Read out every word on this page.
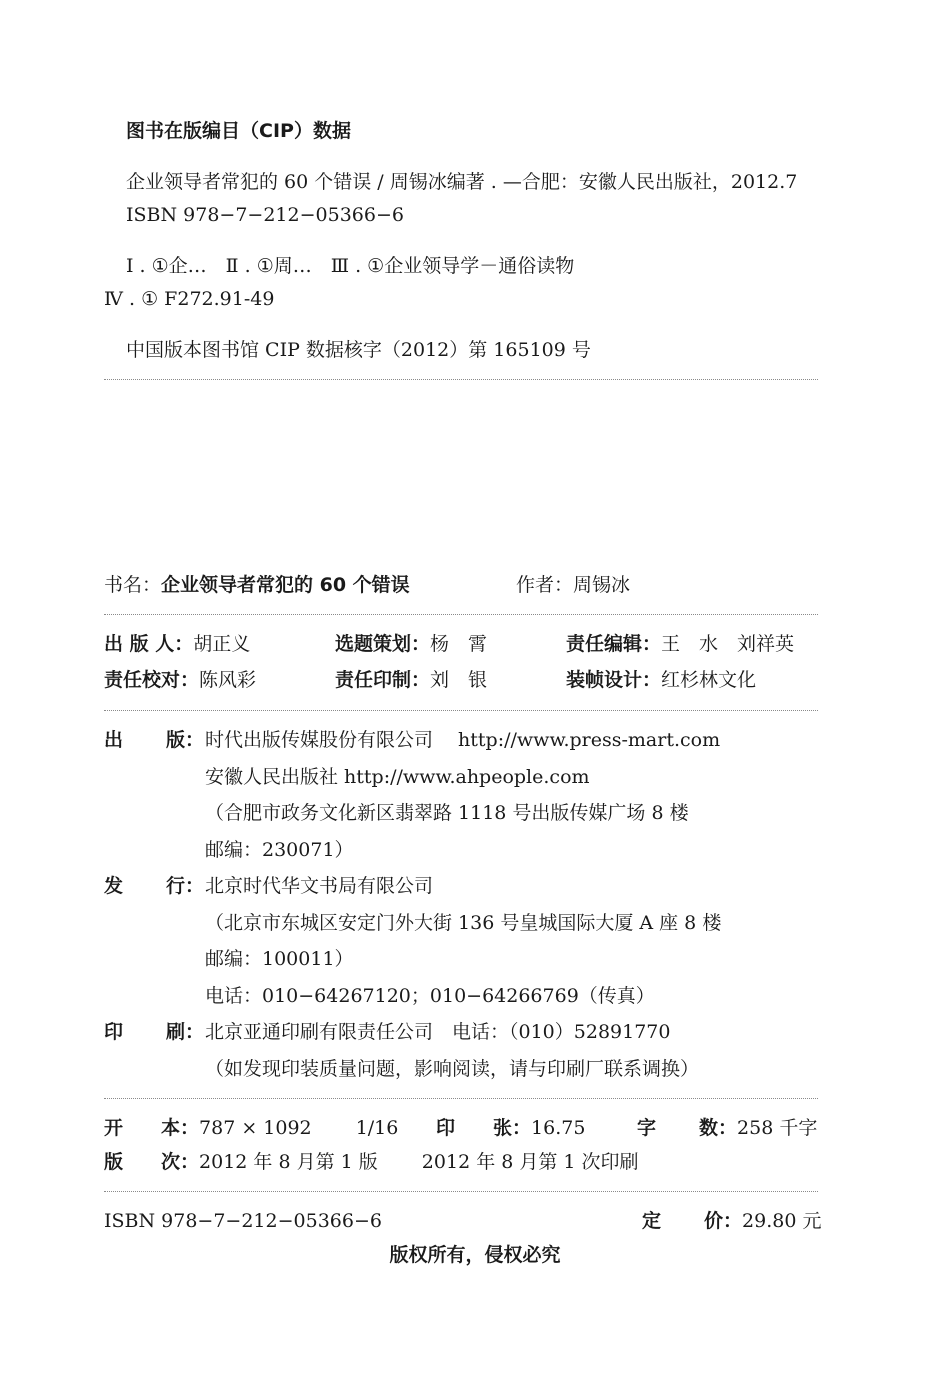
图书在版编目（CIP）数据
企业领导者常犯的 60 个错误 / 周锡冰编著 . —合肥：安徽人民出版社，2012.7
ISBN 978−7−212−05366−6
Ⅰ . ①企…　Ⅱ . ①周…　Ⅲ . ①企业领导学－通俗读物
Ⅳ . ① F272.91-49
中国版本图书馆 CIP 数据核字（2012）第 165109 号
书名：企业领导者常犯的 60 个错误	作者：周锡冰
出 版 人：胡正义	选题策划：杨　霄	责任编辑：王　水　刘祥英
责任校对：陈风彩	责任印制：刘　银	装帧设计：红杉林文化
出 版： 时代出版传媒股份有限公司　 http://www.press-mart.com
安徽人民出版社 http://www.ahpeople.com
（合肥市政务文化新区翡翠路 1118 号出版传媒广场 8 楼
邮编：230071）
发 行： 北京时代华文书局有限公司
（北京市东城区安定门外大街 136 号皇城国际大厦 A 座 8 楼
邮编：100011）
电话：010−64267120；010−64266769（传真）
印 刷： 北京亚通印刷有限责任公司　电话：（010）52891770
（如发现印装质量问题，影响阅读，请与印刷厂联系调换）
开 本：787 × 1092　　 1/16 印 张：16.75	字 数：258 千字
版 次：2012 年 8 月第 1 版　　 2012 年 8 月第 1 次印刷
ISBN 978−7−212−05366−6	定 价：29.80 元
版权所有，侵权必究
